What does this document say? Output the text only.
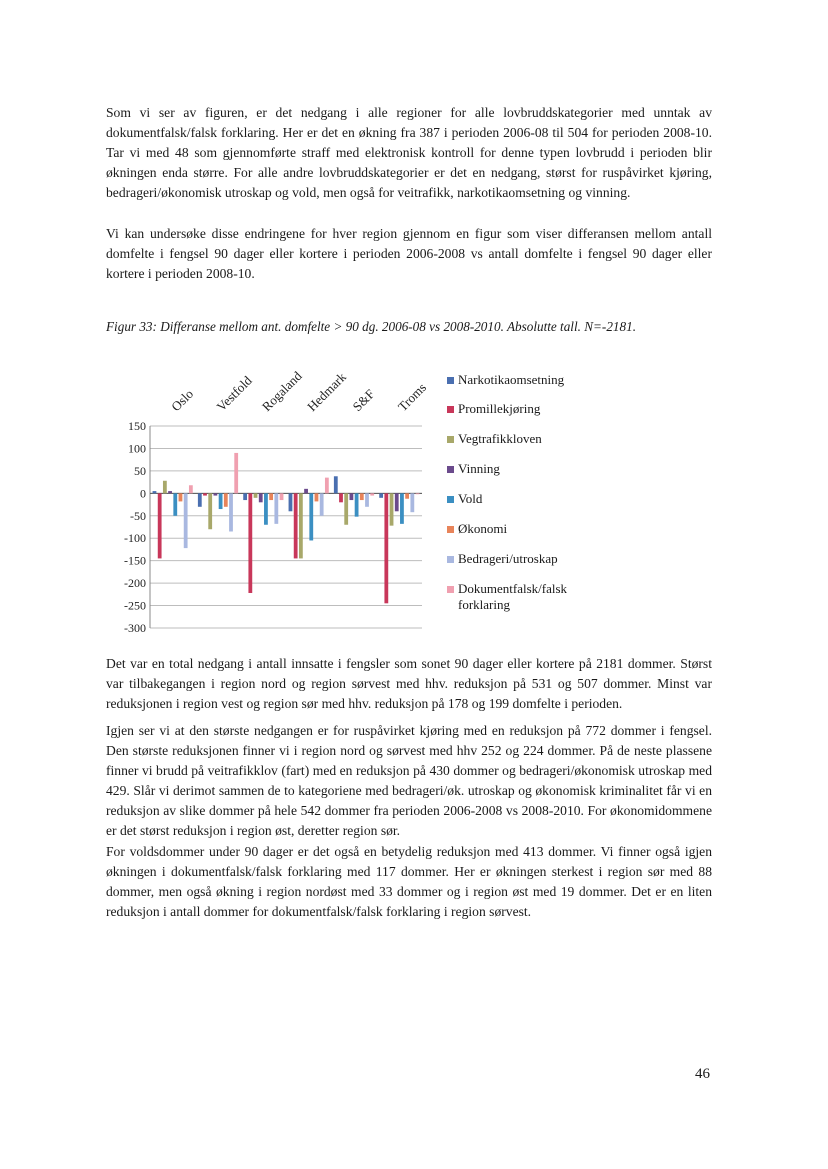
Som vi ser av figuren, er det nedgang i alle regioner for alle lovbruddskategorier med unntak av dokumentfalsk/falsk forklaring. Her er det en økning fra 387 i perioden 2006-08 til 504 for perioden 2008-10. Tar vi med 48 som gjennomførte straff med elektronisk kontroll for denne typen lovbrudd i perioden blir økningen enda større. For alle andre lovbruddskategorier er det en nedgang, størst for ruspåvirket kjøring, bedrageri/økonomisk utroskap og vold, men også for veitrafikk, narkotikaomsetning og vinning.

Vi kan undersøke disse endringene for hver region gjennom en figur som viser differansen mellom antall domfelte i fengsel 90 dager eller kortere i perioden 2006-2008 vs antall domfelte i fengsel 90 dager eller kortere i perioden 2008-10.

Figur 33: Differanse mellom ant. domfelte > 90 dg. 2006-08 vs 2008-2010. Absolutte tall. N=-2181.

150
100
50
0
-50
-100
-150
-200
-250
-300
Oslo Vestfold Rogaland Hedmark S&F Troms
Narkotikaomsetning
Promillekjøring
Vegtrafikkloven
Vinning
Vold
Økonomi
Bedrageri/utroskap
Dokumentfalsk/falsk forklaring

Det var en total nedgang i antall innsatte i fengsler som sonet 90 dager eller kortere på 2181 dommer. Størst var tilbakegangen i region nord og region sørvest med hhv. reduksjon på 531 og 507 dommer. Minst var reduksjonen i region vest og region sør med hhv. reduksjon på 178 og 199 domfelte i perioden.

Igjen ser vi at den største nedgangen er for ruspåvirket kjøring med en reduksjon på 772 dommer i fengsel. Den største reduksjonen finner vi i region nord og sørvest med hhv 252 og 224 dommer. På de neste plassene finner vi brudd på veitrafikklov (fart) med en reduksjon på 430 dommer og bedrageri/økonomisk utroskap med 429. Slår vi derimot sammen de to kategoriene med bedrageri/øk. utroskap og økonomisk kriminalitet får vi en reduksjon av slike dommer på hele 542 dommer fra perioden 2006-2008 vs 2008-2010. For økonomidommene er det størst reduksjon i region øst, deretter region sør.

For voldsdommer under 90 dager er det også en betydelig reduksjon med 413 dommer. Vi finner også igjen økningen i dokumentfalsk/falsk forklaring med 117 dommer. Her er økningen sterkest i region sør med 88 dommer, men også økning i region nordøst med 33 dommer og i region øst med 19 dommer. Det er en liten reduksjon i antall dommer for dokumentfalsk/falsk forklaring i region sørvest.

46
